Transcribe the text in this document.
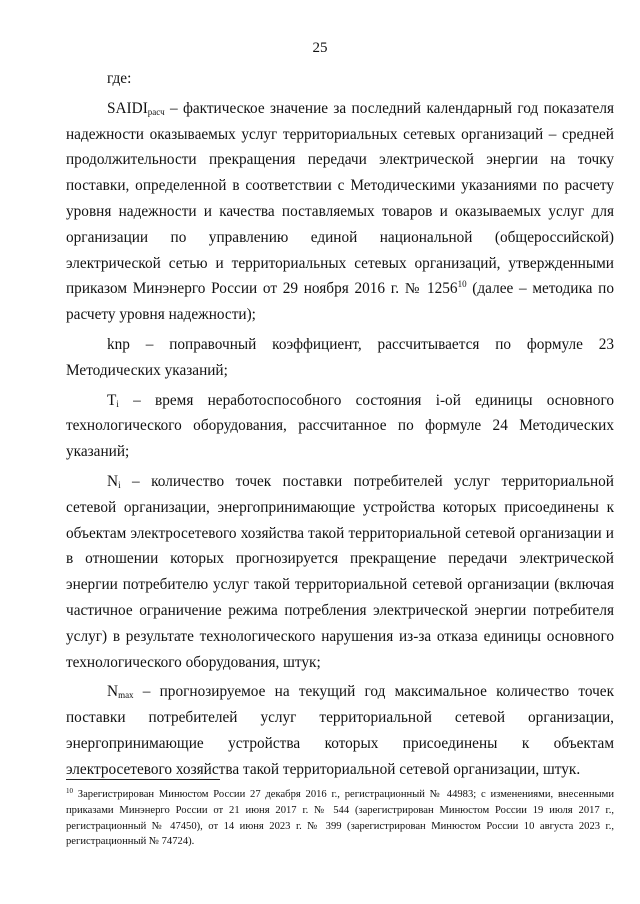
25

где:

$SAIDI_{расч}$ – фактическое значение за последний календарный год показателя надежности оказываемых услуг территориальных сетевых организаций – средней продолжительности прекращения передачи электрической энергии на точку поставки, определенной в соответствии с Методическими указаниями по расчету уровня надежности и качества поставляемых товаров и оказываемых услуг для организации по управлению единой национальной (общероссийской) электрической сетью и территориальных сетевых организаций, утвержденными приказом Минэнерго России от 29 ноября 2016 г. № 1256$^{10}$ (далее – методика по расчету уровня надежности);

knp – поправочный коэффициент, рассчитывается по формуле 23 Методических указаний;

$T_i$ – время неработоспособного состояния i-ой единицы основного технологического оборудования, рассчитанное по формуле 24 Методических указаний;

$N_i$ – количество точек поставки потребителей услуг территориальной сетевой организации, энергопринимающие устройства которых присоединены к объектам электросетевого хозяйства такой территориальной сетевой организации и в отношении которых прогнозируется прекращение передачи электрической энергии потребителю услуг такой территориальной сетевой организации (включая частичное ограничение режима потребления электрической энергии потребителя услуг) в результате технологического нарушения из-за отказа единицы основного технологического оборудования, штук;

$N_{max}$ – прогнозируемое на текущий год максимальное количество точек поставки потребителей услуг территориальной сетевой организации, энергопринимающие устройства которых присоединены к объектам электросетевого хозяйства такой территориальной сетевой организации, штук.

$^{10}$ Зарегистрирован Минюстом России 27 декабря 2016 г., регистрационный № 44983; с изменениями, внесенными приказами Минэнерго России от 21 июня 2017 г. № 544 (зарегистрирован Минюстом России 19 июля 2017 г., регистрационный № 47450), от 14 июня 2023 г. № 399 (зарегистрирован Минюстом России 10 августа 2023 г., регистрационный № 74724).
